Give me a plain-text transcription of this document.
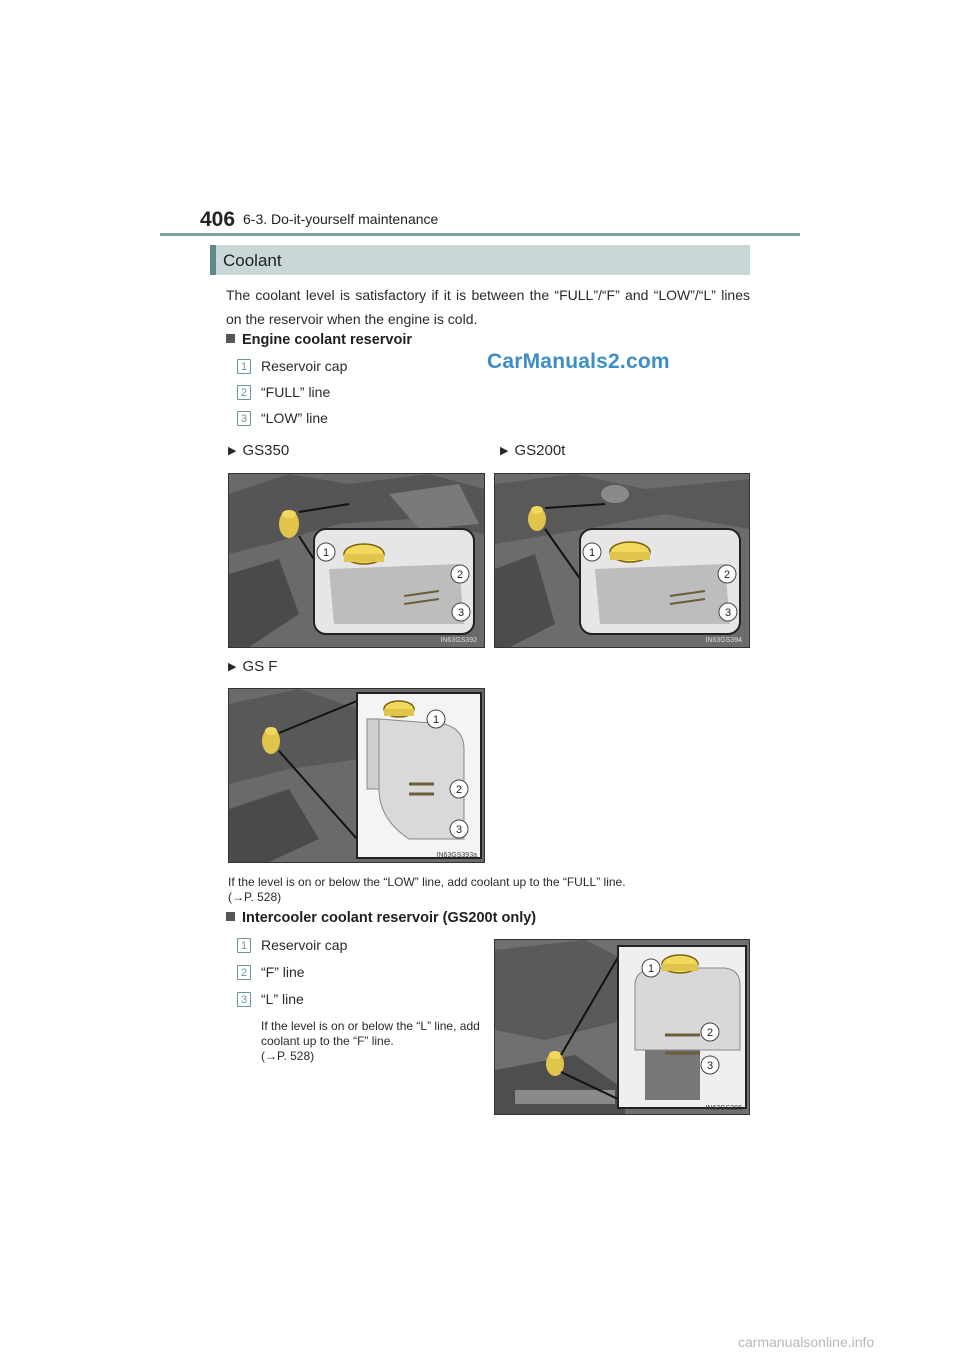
406 6-3. Do-it-yourself maintenance
Coolant
The coolant level is satisfactory if it is between the “FULL”/“F” and “LOW”/“L” lines on the reservoir when the engine is cold.
Engine coolant reservoir
1 Reservoir cap
2 “FULL” line
3 “LOW” line
CarManuals2.com
▶ GS350	▶ GS200t
1
2
3
IN63GS392
1
2
3
IN63GS394
▶ GS F
1
2
3
IN63GS393a
If the level is on or below the “LOW” line, add coolant up to the “FULL” line.
(→P. 528)
Intercooler coolant reservoir (GS200t only)
1 Reservoir cap
2 “F” line
3 “L” line
If the level is on or below the “L” line, add coolant up to the “F” line.
(→P. 528)
1
2
3
IN63GS396
carmanualsonline.info
